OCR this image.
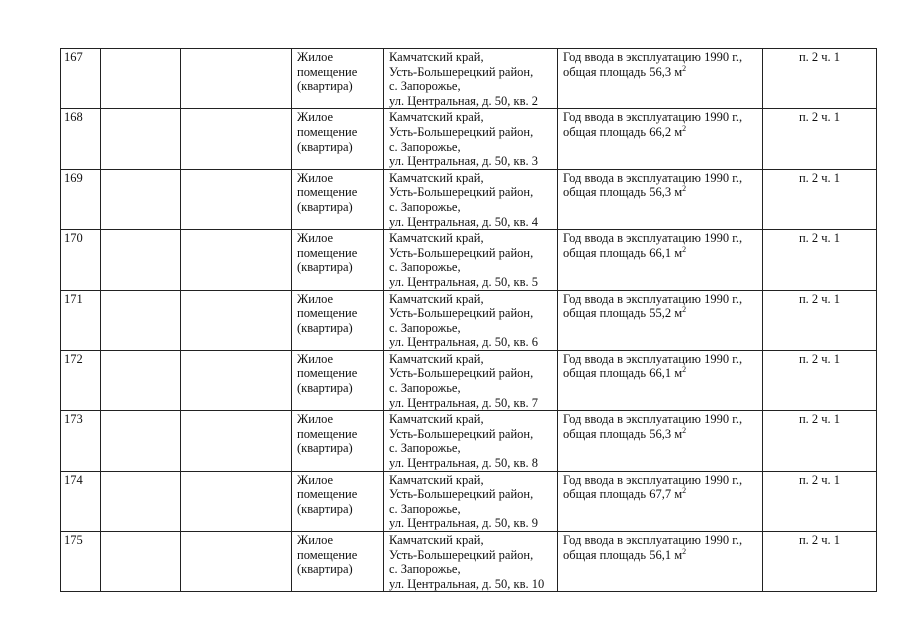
167			Жилое
помещение
(квартира)	Камчатский край,
Усть-Большерецкий район,
с. Запорожье,
ул. Центральная, д. 50, кв. 2	Год ввода в эксплуатацию 1990 г.,
общая площадь 56,3 $м^2$	п. 2 ч. 1
168			Жилое
помещение
(квартира)	Камчатский край,
Усть-Большерецкий район,
с. Запорожье,
ул. Центральная, д. 50, кв. 3	Год ввода в эксплуатацию 1990 г.,
общая площадь 66,2 $м^2$	п. 2 ч. 1
169			Жилое
помещение
(квартира)	Камчатский край,
Усть-Большерецкий район,
с. Запорожье,
ул. Центральная, д. 50, кв. 4	Год ввода в эксплуатацию 1990 г.,
общая площадь 56,3 $м^2$	п. 2 ч. 1
170			Жилое
помещение
(квартира)	Камчатский край,
Усть-Большерецкий район,
с. Запорожье,
ул. Центральная, д. 50, кв. 5	Год ввода в эксплуатацию 1990 г.,
общая площадь 66,1 $м^2$	п. 2 ч. 1
171			Жилое
помещение
(квартира)	Камчатский край,
Усть-Большерецкий район,
с. Запорожье,
ул. Центральная, д. 50, кв. 6	Год ввода в эксплуатацию 1990 г.,
общая площадь 55,2 $м^2$	п. 2 ч. 1
172			Жилое
помещение
(квартира)	Камчатский край,
Усть-Большерецкий район,
с. Запорожье,
ул. Центральная, д. 50, кв. 7	Год ввода в эксплуатацию 1990 г.,
общая площадь 66,1 $м^2$	п. 2 ч. 1
173			Жилое
помещение
(квартира)	Камчатский край,
Усть-Большерецкий район,
с. Запорожье,
ул. Центральная, д. 50, кв. 8	Год ввода в эксплуатацию 1990 г.,
общая площадь 56,3 $м^2$	п. 2 ч. 1
174			Жилое
помещение
(квартира)	Камчатский край,
Усть-Большерецкий район,
с. Запорожье,
ул. Центральная, д. 50, кв. 9	Год ввода в эксплуатацию 1990 г.,
общая площадь 67,7 $м^2$	п. 2 ч. 1
175			Жилое
помещение
(квартира)	Камчатский край,
Усть-Большерецкий район,
с. Запорожье,
ул. Центральная, д. 50, кв. 10	Год ввода в эксплуатацию 1990 г.,
общая площадь 56,1 $м^2$	п. 2 ч. 1
